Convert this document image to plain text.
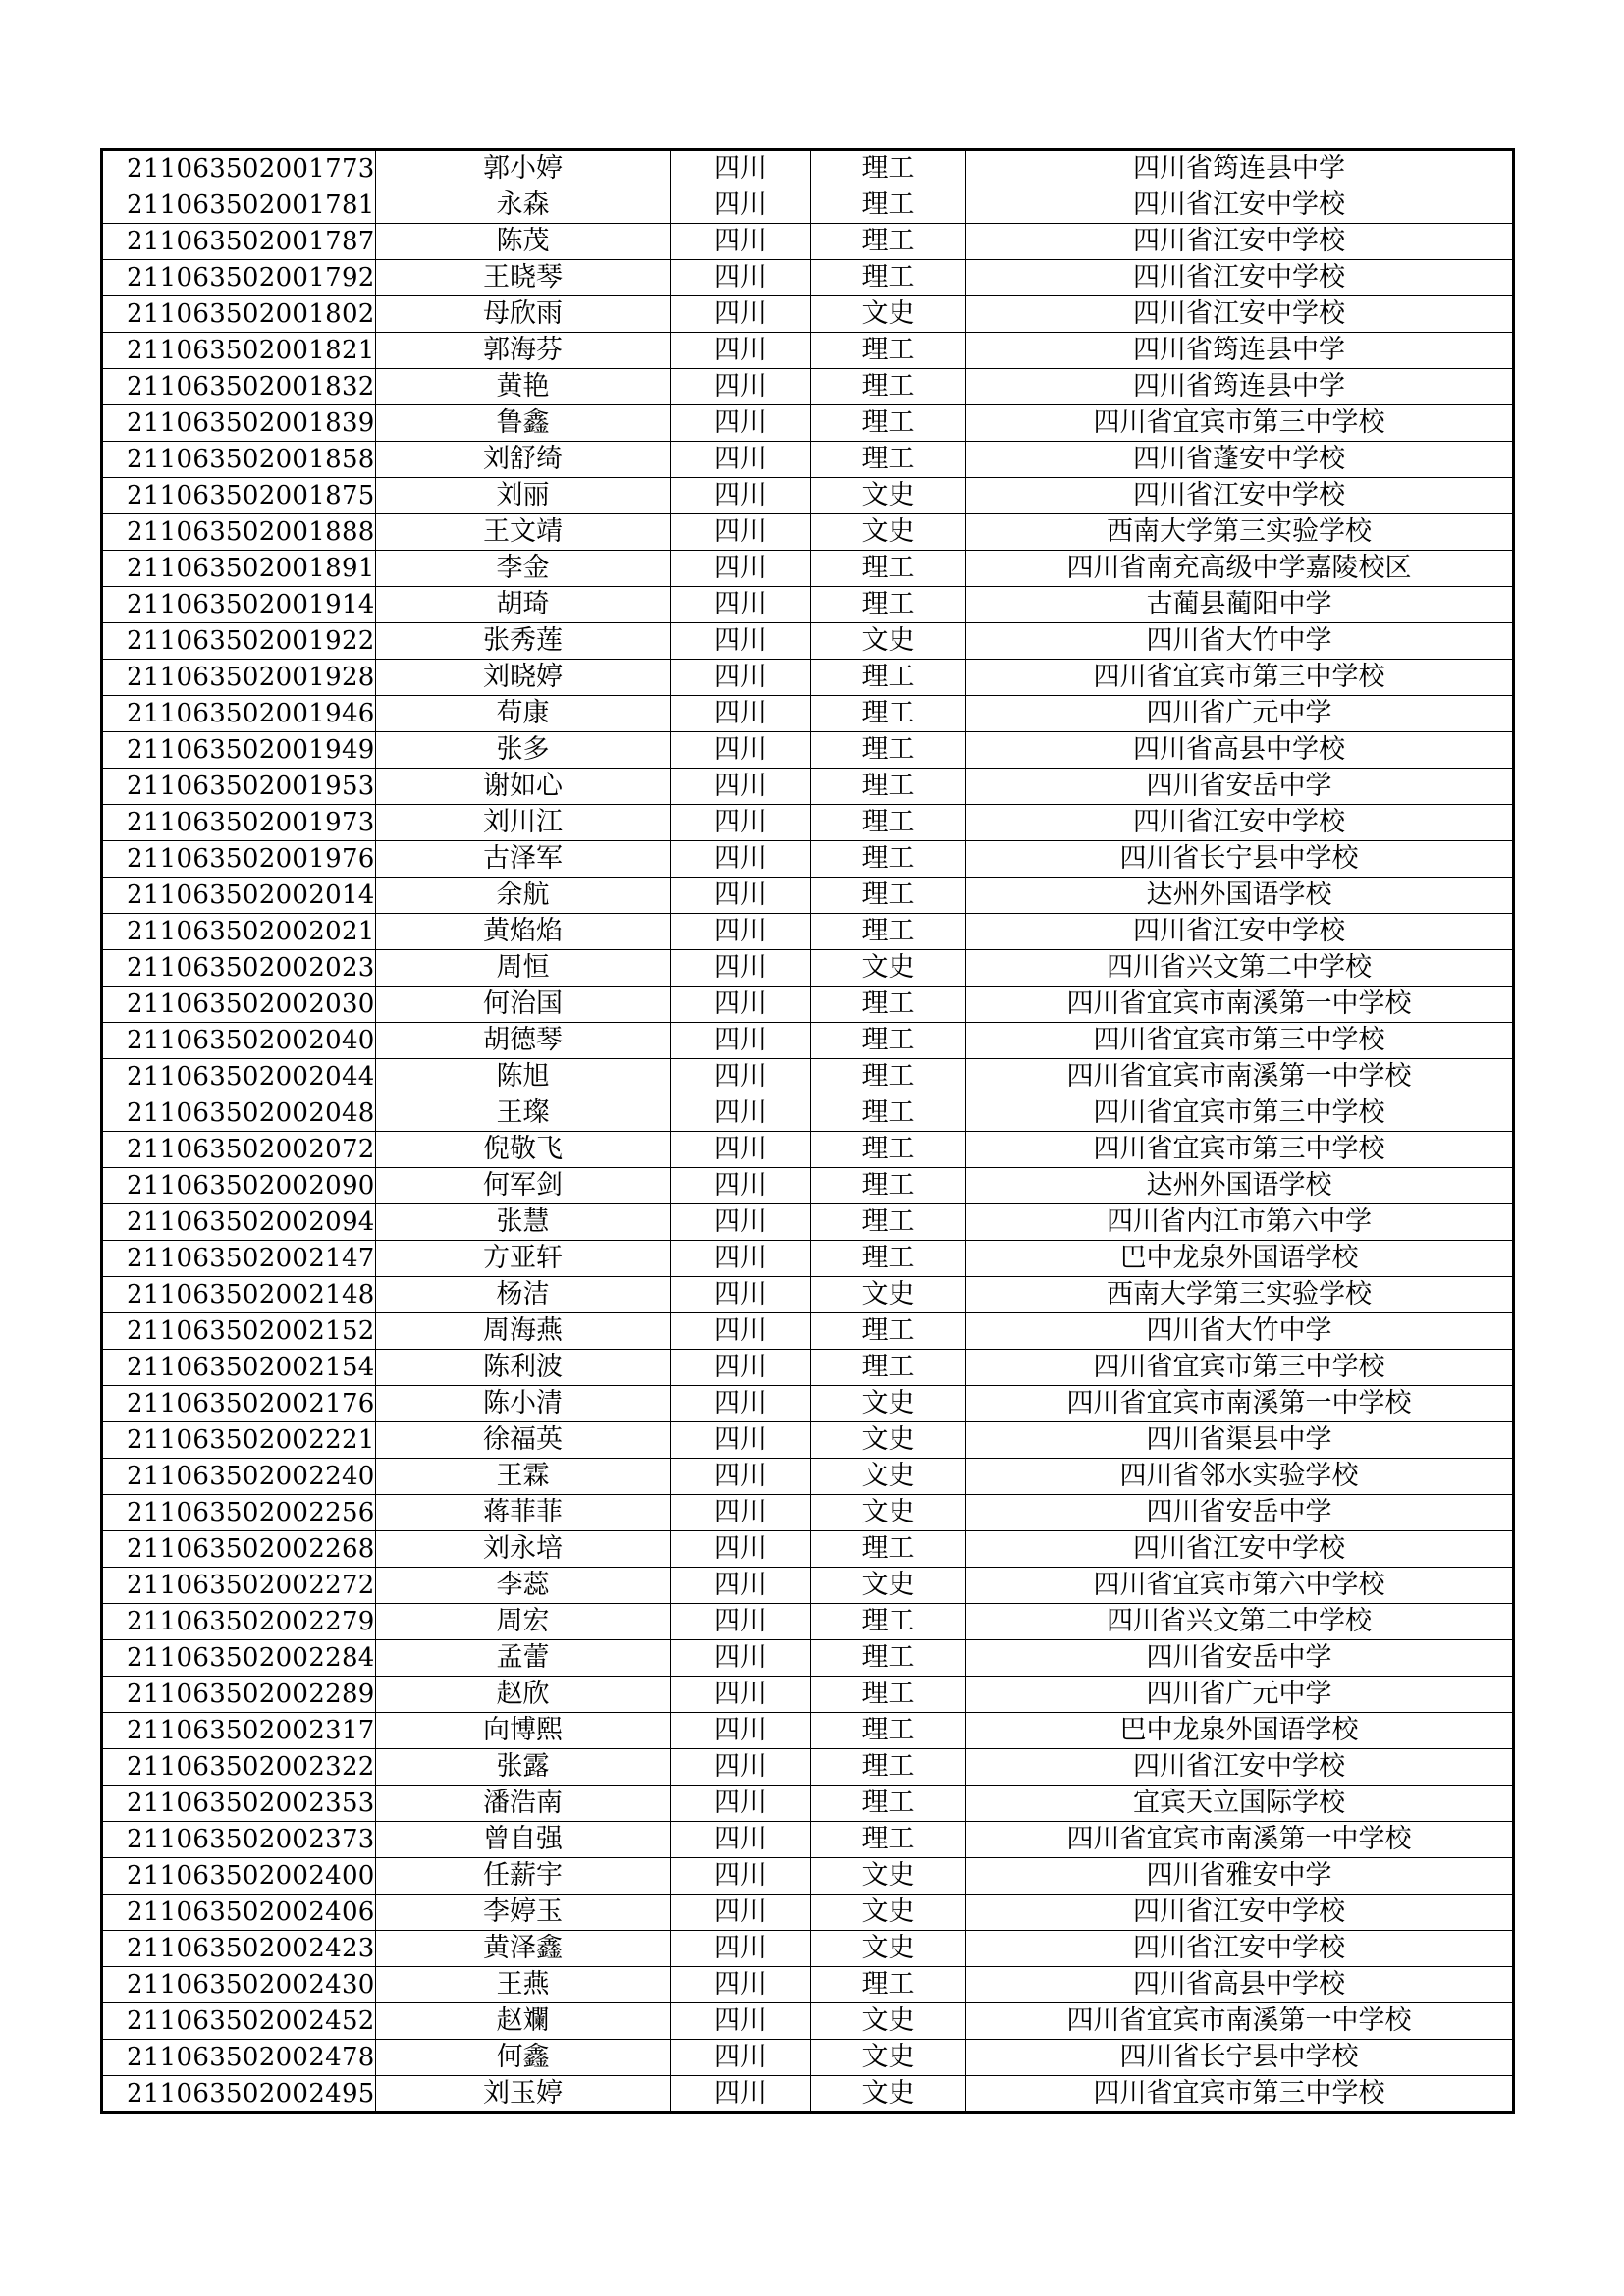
211063502001773	郭小婷	四川	理工	四川省筠连县中学
211063502001781	永森	四川	理工	四川省江安中学校
211063502001787	陈茂	四川	理工	四川省江安中学校
211063502001792	王晓琴	四川	理工	四川省江安中学校
211063502001802	母欣雨	四川	文史	四川省江安中学校
211063502001821	郭海芬	四川	理工	四川省筠连县中学
211063502001832	黄艳	四川	理工	四川省筠连县中学
211063502001839	鲁鑫	四川	理工	四川省宜宾市第三中学校
211063502001858	刘舒绮	四川	理工	四川省蓬安中学校
211063502001875	刘丽	四川	文史	四川省江安中学校
211063502001888	王文靖	四川	文史	西南大学第三实验学校
211063502001891	李金	四川	理工	四川省南充高级中学嘉陵校区
211063502001914	胡琦	四川	理工	古蔺县蔺阳中学
211063502001922	张秀莲	四川	文史	四川省大竹中学
211063502001928	刘晓婷	四川	理工	四川省宜宾市第三中学校
211063502001946	苟康	四川	理工	四川省广元中学
211063502001949	张多	四川	理工	四川省高县中学校
211063502001953	谢如心	四川	理工	四川省安岳中学
211063502001973	刘川江	四川	理工	四川省江安中学校
211063502001976	古泽军	四川	理工	四川省长宁县中学校
211063502002014	余航	四川	理工	达州外国语学校
211063502002021	黄焰焰	四川	理工	四川省江安中学校
211063502002023	周恒	四川	文史	四川省兴文第二中学校
211063502002030	何治国	四川	理工	四川省宜宾市南溪第一中学校
211063502002040	胡德琴	四川	理工	四川省宜宾市第三中学校
211063502002044	陈旭	四川	理工	四川省宜宾市南溪第一中学校
211063502002048	王璨	四川	理工	四川省宜宾市第三中学校
211063502002072	倪敬飞	四川	理工	四川省宜宾市第三中学校
211063502002090	何军剑	四川	理工	达州外国语学校
211063502002094	张慧	四川	理工	四川省内江市第六中学
211063502002147	方亚轩	四川	理工	巴中龙泉外国语学校
211063502002148	杨洁	四川	文史	西南大学第三实验学校
211063502002152	周海燕	四川	理工	四川省大竹中学
211063502002154	陈利波	四川	理工	四川省宜宾市第三中学校
211063502002176	陈小清	四川	文史	四川省宜宾市南溪第一中学校
211063502002221	徐福英	四川	文史	四川省渠县中学
211063502002240	王霖	四川	文史	四川省邻水实验学校
211063502002256	蒋菲菲	四川	文史	四川省安岳中学
211063502002268	刘永培	四川	理工	四川省江安中学校
211063502002272	李蕊	四川	文史	四川省宜宾市第六中学校
211063502002279	周宏	四川	理工	四川省兴文第二中学校
211063502002284	孟蕾	四川	理工	四川省安岳中学
211063502002289	赵欣	四川	理工	四川省广元中学
211063502002317	向博熙	四川	理工	巴中龙泉外国语学校
211063502002322	张露	四川	理工	四川省江安中学校
211063502002353	潘浩南	四川	理工	宜宾天立国际学校
211063502002373	曾自强	四川	理工	四川省宜宾市南溪第一中学校
211063502002400	任薪宇	四川	文史	四川省雅安中学
211063502002406	李婷玉	四川	文史	四川省江安中学校
211063502002423	黄泽鑫	四川	文史	四川省江安中学校
211063502002430	王燕	四川	理工	四川省高县中学校
211063502002452	赵斕	四川	文史	四川省宜宾市南溪第一中学校
211063502002478	何鑫	四川	文史	四川省长宁县中学校
211063502002495	刘玉婷	四川	文史	四川省宜宾市第三中学校
